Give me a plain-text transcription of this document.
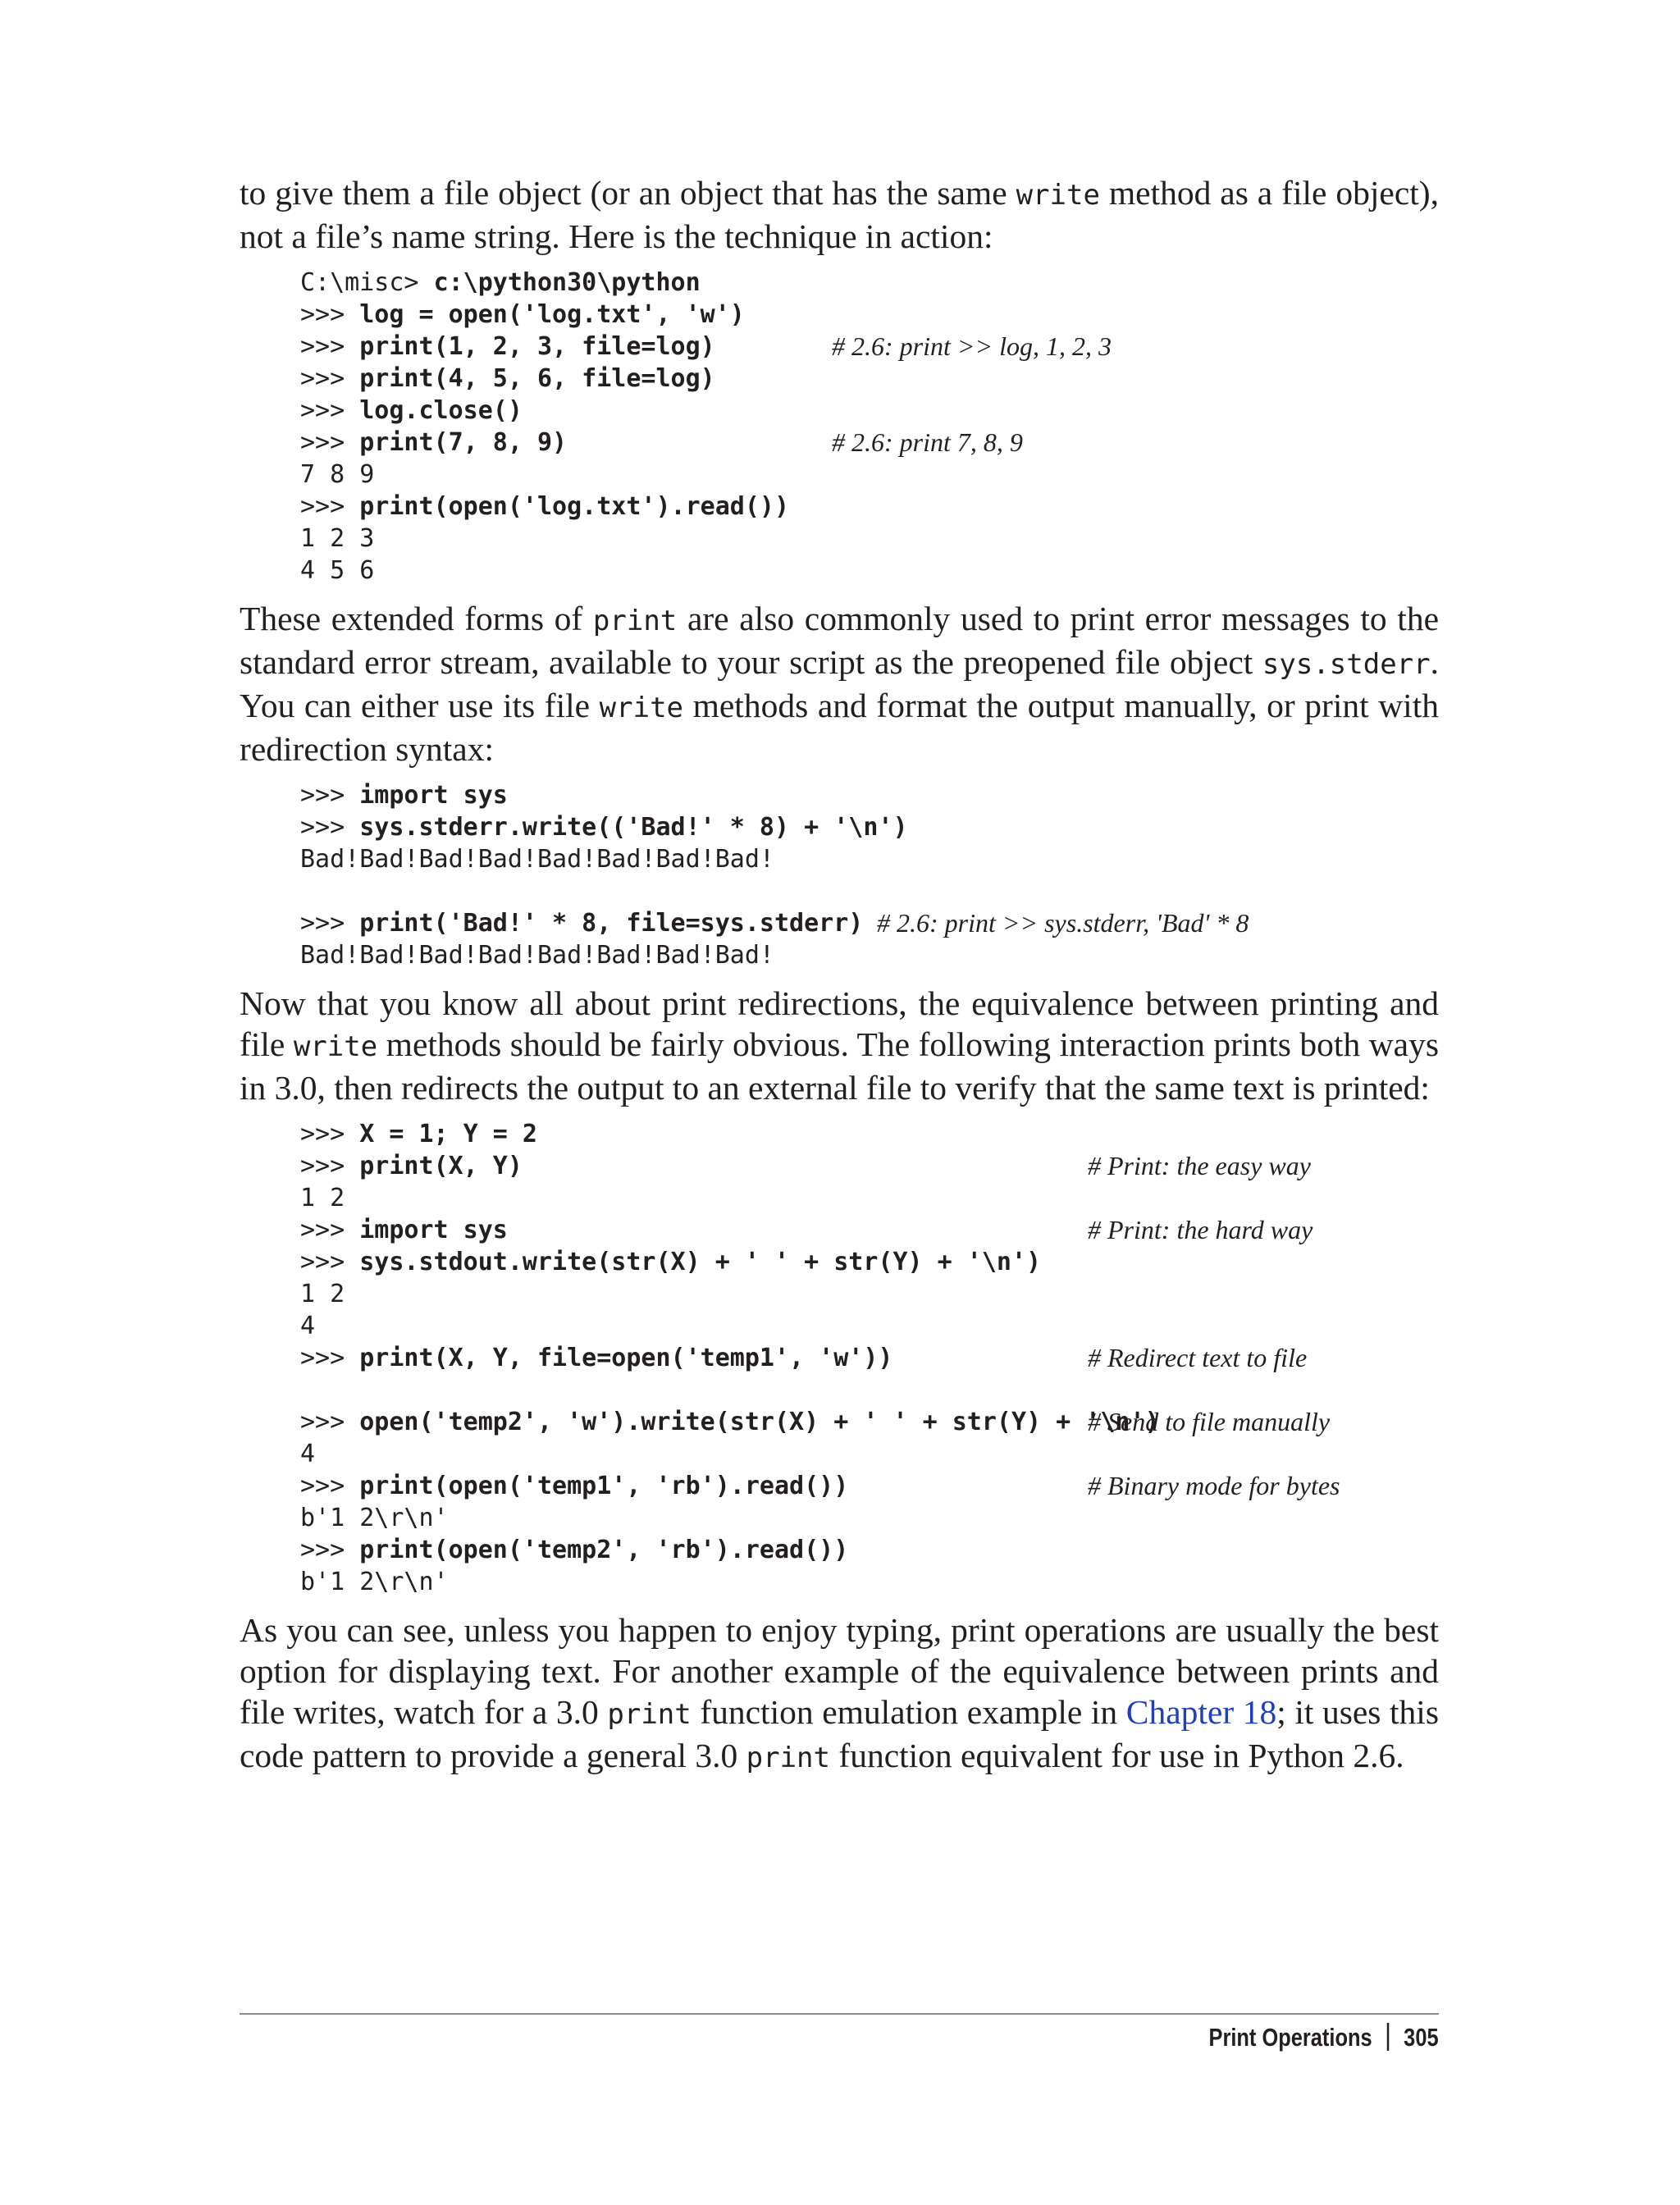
to give them a file object (or an object that has the same write method as a file object), not a file’s name string. Here is the technique in action:

C:\misc> c:\python30\python
>>> log = open('log.txt', 'w')
>>> print(1, 2, 3, file=log)	# 2.6: print >> log, 1, 2, 3
>>> print(4, 5, 6, file=log)
>>> log.close()
>>> print(7, 8, 9)	# 2.6: print 7, 8, 9
7 8 9
>>> print(open('log.txt').read())
1 2 3
4 5 6

These extended forms of print are also commonly used to print error messages to the standard error stream, available to your script as the preopened file object sys.stderr. You can either use its file write methods and format the output manually, or print with redirection syntax:

>>> import sys
>>> sys.stderr.write(('Bad!' * 8) + '\n')
Bad!Bad!Bad!Bad!Bad!Bad!Bad!Bad!
>>> print('Bad!' * 8, file=sys.stderr) # 2.6: print >> sys.stderr, 'Bad' * 8
Bad!Bad!Bad!Bad!Bad!Bad!Bad!Bad!

Now that you know all about print redirections, the equivalence between printing and file write methods should be fairly obvious. The following interaction prints both ways in 3.0, then redirects the output to an external file to verify that the same text is printed:

>>> X = 1; Y = 2
>>> print(X, Y)	# Print: the easy way
1 2
>>> import sys	# Print: the hard way
>>> sys.stdout.write(str(X) + ' ' + str(Y) + '\n')
1 2
4
>>> print(X, Y, file=open('temp1', 'w'))	# Redirect text to file
>>> open('temp2', 'w').write(str(X) + ' ' + str(Y) + '\n')
# Send to file manually
4
>>> print(open('temp1', 'rb').read())	# Binary mode for bytes
b'1 2\r\n'
>>> print(open('temp2', 'rb').read())
b'1 2\r\n'

As you can see, unless you happen to enjoy typing, print operations are usually the best option for displaying text. For another example of the equivalence between prints and file writes, watch for a 3.0 print function emulation example in Chapter 18; it uses this code pattern to provide a general 3.0 print function equivalent for use in Python 2.6.

Print Operations 305
